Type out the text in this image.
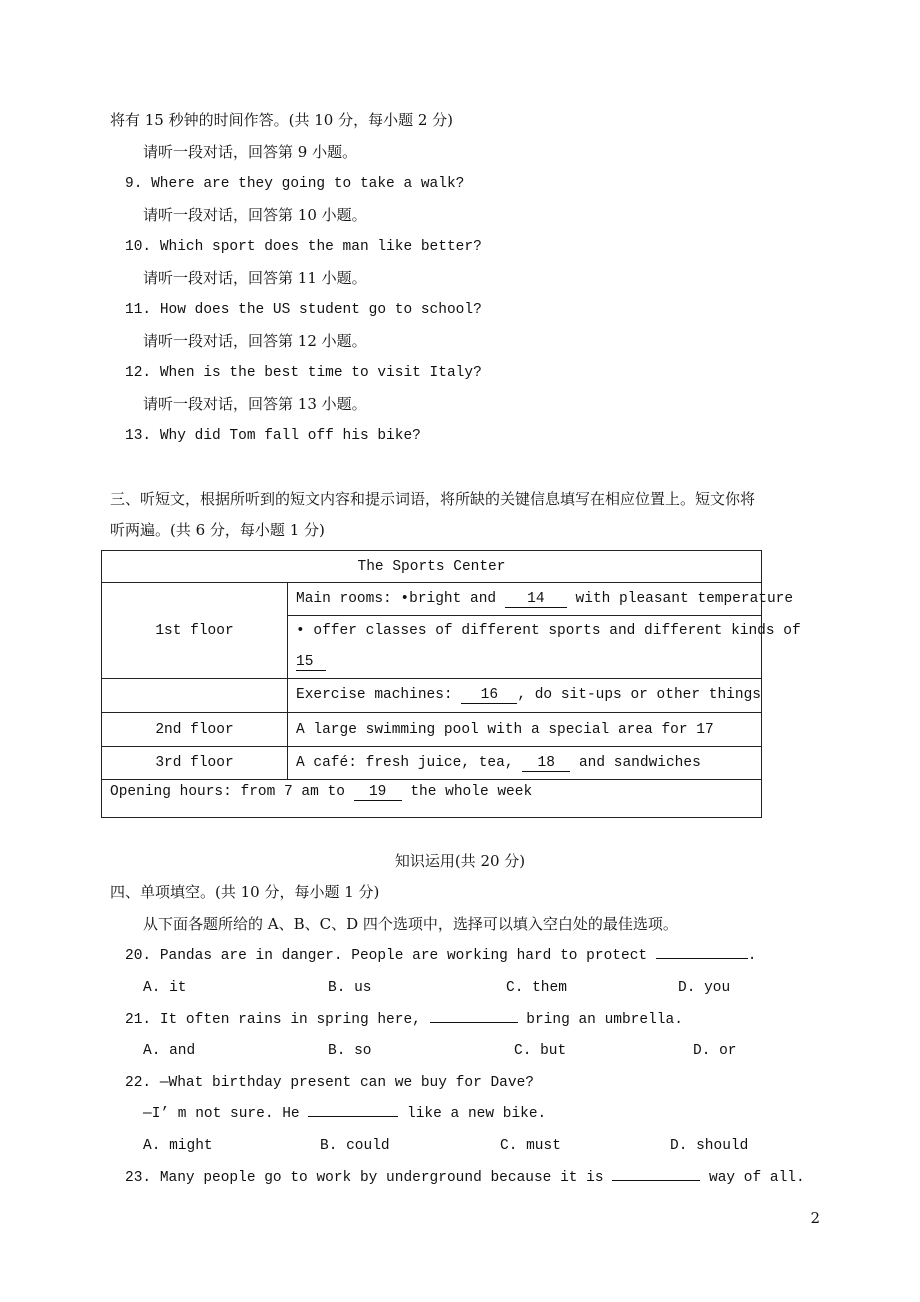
将有 15 秒钟的时间作答。(共 10 分，每小题 2 分)
请听一段对话，回答第 9 小题。
9. Where are they going to take a walk?
请听一段对话，回答第 10 小题。
10. Which sport does the man like better?
请听一段对话，回答第 11 小题。
11. How does the US student go to school?
请听一段对话，回答第 12 小题。
12. When is the best time to visit Italy?
请听一段对话，回答第 13 小题。
13. Why did Tom fall off his bike?
三、听短文，根据所听到的短文内容和提示词语，将所缺的关键信息填写在相应位置上。短文你将
听两遍。(共 6 分，每小题 1 分)
The Sports Center	
1st floor	Main rooms: •bright and 14 with pleasant temperature
	• offer classes of different sports and different kinds of
15
	Exercise machines: 16 , do sit-ups or other things
2nd floor	A large swimming pool with a special area for 17
3rd floor	A café: fresh juice, tea, 18 and sandwiches
Opening hours: from 7 am to 19 the whole week	
知识运用(共 20 分)
四、单项填空。(共 10 分，每小题 1 分)
从下面各题所给的 A、B、C、D 四个选项中，选择可以填入空白处的最佳选项。
20. Pandas are in danger. People are working hard to protect	.
A. it	B. us	C. them	D. you
21. It often rains in spring here,	bring an umbrella.
A. and	B. so	C. but	D. or
22. —What birthday present can we buy for Dave?
—I’ m not sure. He	like a new bike.
A. might	B. could	C. must	D. should
23. Many people go to work by underground because it is	way of all.
2
